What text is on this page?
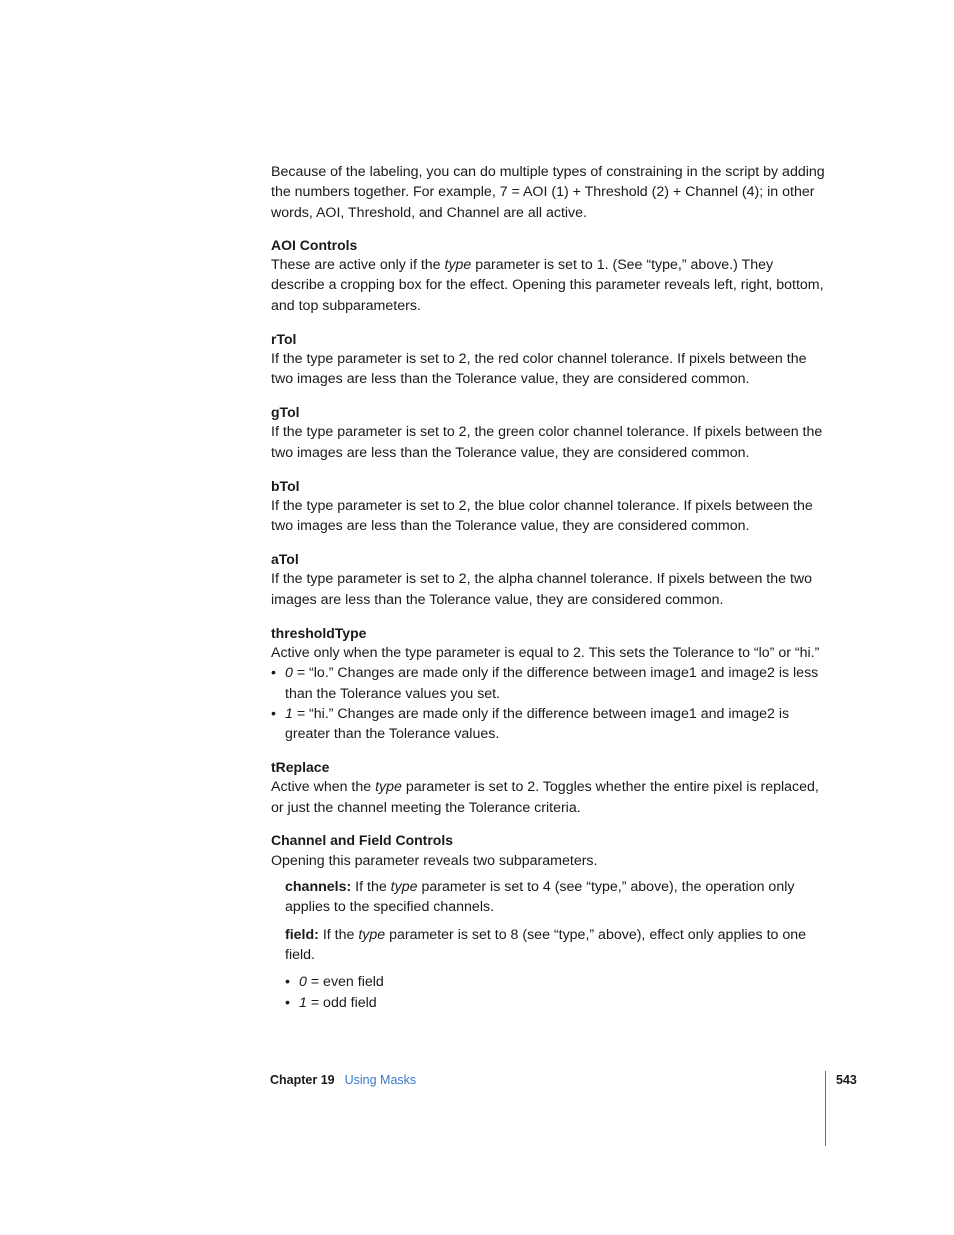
Because of the labeling, you can do multiple types of constraining in the script by adding the numbers together. For example, 7 = AOI (1) + Threshold (2) + Channel (4); in other words, AOI, Threshold, and Channel are all active.

AOI Controls

These are active only if the type parameter is set to 1. (See “type,” above.) They describe a cropping box for the effect. Opening this parameter reveals left, right, bottom, and top subparameters.

rTol

If the type parameter is set to 2, the red color channel tolerance. If pixels between the two images are less than the Tolerance value, they are considered common.

gTol

If the type parameter is set to 2, the green color channel tolerance. If pixels between the two images are less than the Tolerance value, they are considered common.

bTol

If the type parameter is set to 2, the blue color channel tolerance. If pixels between the two images are less than the Tolerance value, they are considered common.

aTol

If the type parameter is set to 2, the alpha channel tolerance. If pixels between the two images are less than the Tolerance value, they are considered common.

thresholdType

Active only when the type parameter is equal to 2. This sets the Tolerance to “lo” or “hi.”

• 0 = “lo.” Changes are made only if the difference between image1 and image2 is less than the Tolerance values you set.
• 1 = “hi.” Changes are made only if the difference between image1 and image2 is greater than the Tolerance values.

tReplace

Active when the type parameter is set to 2. Toggles whether the entire pixel is replaced, or just the channel meeting the Tolerance criteria.

Channel and Field Controls

Opening this parameter reveals two subparameters.

channels: If the type parameter is set to 4 (see “type,” above), the operation only applies to the specified channels.

field: If the type parameter is set to 8 (see “type,” above), effect only applies to one field.

• 0 = even field
• 1 = odd field
Chapter 19 Using Masks	543
